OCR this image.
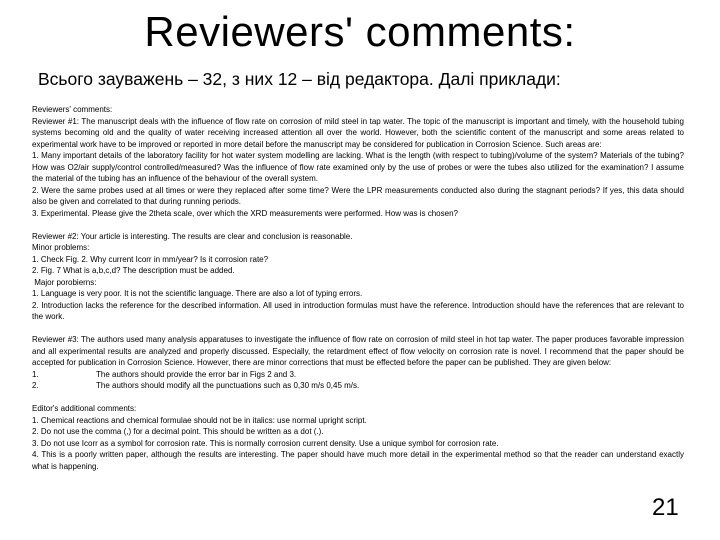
Reviewers' comments:
Всього зауважень – 32, з них 12 – від редактора. Далі приклади:

Reviewers' comments:

Reviewer #1: The manuscript deals with the influence of flow rate on corrosion of mild steel in tap water. The topic of the manuscript is important and timely, with the household tubing systems becoming old and the quality of water receiving increased attention all over the world. However, both the scientific content of the manuscript and some areas related to experimental work have to be improved or reported in more detail before the manuscript may be considered for publication in Corrosion Science. Such areas are:

1. Many important details of the laboratory facility for hot water system modelling are lacking. What is the length (with respect to tubing)/volume of the system? Materials of the tubing? How was O2/air supply/control controlled/measured? Was the influence of flow rate examined only by the use of probes or were the tubes also utilized for the examination? I assume the material of the tubing has an influence of the behaviour of the overall system.

2. Were the same probes used at all times or were they replaced after some time? Were the LPR measurements conducted also during the stagnant periods? If yes, this data should also be given and correlated to that during running periods.

3. Experimental. Please give the 2theta scale, over which the XRD measurements were performed. How was is chosen?

Reviewer #2: Your article is interesting. The results are clear and conclusion is reasonable.

Minor problems:

1. Check Fig. 2. Why current Icorr in mm/year? Is it corrosion rate?

2. Fig. 7 What is a,b,c,d? The description must be added.

Major porobierns:

1. Language is very poor. It is not the scientific language. There are also a lot of typing errors.

2. Introduction lacks the reference for the described information. All used in introduction formulas must have the reference. Introduction should have the references that are relevant to the work.

Reviewer #3: The authors used many analysis apparatuses to investigate the influence of flow rate on corrosion of mild steel in hot tap water. The paper produces favorable impression and all experimental results are analyzed and properly discussed. Especially, the retardment effect of flow velocity on corrosion rate is novel. I recommend that the paper should be accepted for publication in Corrosion Science. However, there are minor corrections that must be effected before the paper can be published. They are given below:

1.	The authors should provide the error bar in Figs 2 and 3.

2.	The authors should modify all the punctuations such as 0,30 m/s 0,45 m/s.

Editor's additional comments:

1. Chemical reactions and chemical formulae should not be in italics: use normal upright script.

2. Do not use the comma (,) for a decimal point. This should be written as a dot (.).

3. Do not use Icorr as a symbol for corrosion rate. This is normally corrosion current density. Use a unique symbol for corrosion rate.

4. This is a poorly written paper, although the results are interesting. The paper should have much more detail in the experimental method so that the reader can understand exactly what is happening.

21
